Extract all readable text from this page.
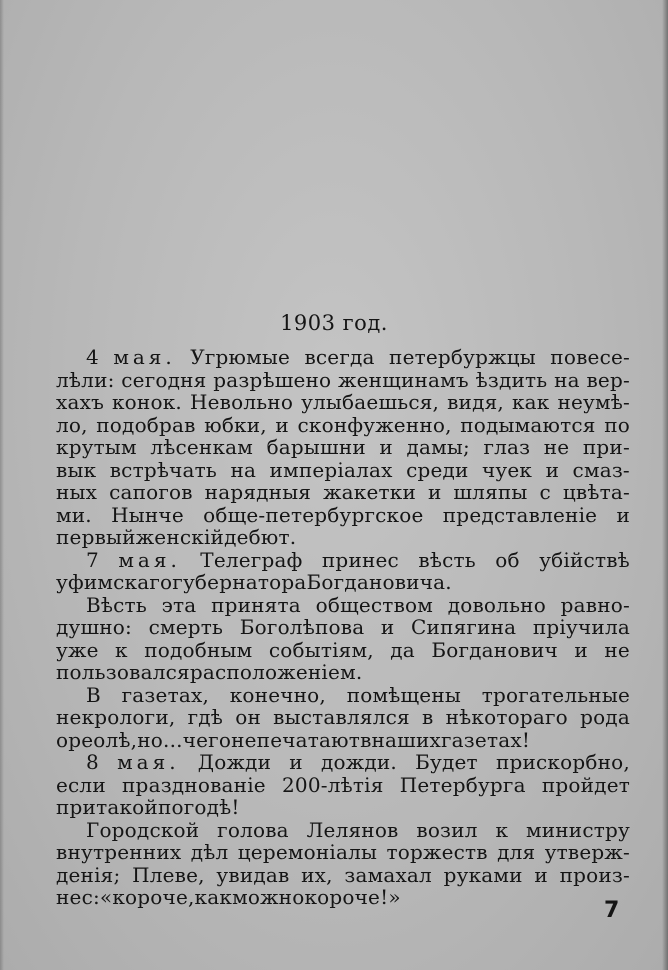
1903 год.
4 мая. Угрюмые всегда петербуржцы повесе-
лѣли: сегодня разрѣшено женщинамъ ѣздить на вер-
хахъ конок. Невольно улыбаешься, видя, как неумѣ-
ло, подобрав юбки, и сконфуженно, подымаются по
крутым лѣсенкам барышни и дамы; глаз не при-
вык встрѣчать на имперіалах среди чуек и смаз-
ных сапогов нарядныя жакетки и шляпы с цвѣта-
ми. Нынче обще-петербургское представленіе и
первый женскій дебют.
7 мая. Телеграф принес вѣсть об убійствѣ
уфимскаго губернатора Богдановича.
Вѣсть эта принята обществом довольно равно-
душно: смерть Боголѣпова и Сипягина пріучила
уже к подобным событіям, да Богданович и не
пользовался расположеніем.
В газетах, конечно, помѣщены трогательные
некрологи, гдѣ он выставлялся в нѣкотораго рода
ореолѣ, но... чего не печатают в наших газетах!
8 мая. Дожди и дожди. Будет прискорбно,
если празднованіе 200-лѣтія Петербурга пройдет
при такой погодѣ!
Городской голова Лелянов возил к министру
внутренних дѣл церемоніалы торжеств для утверж-
денія; Плеве, увидав их, замахал руками и произ-
нес: «короче, как можно короче!»
7
